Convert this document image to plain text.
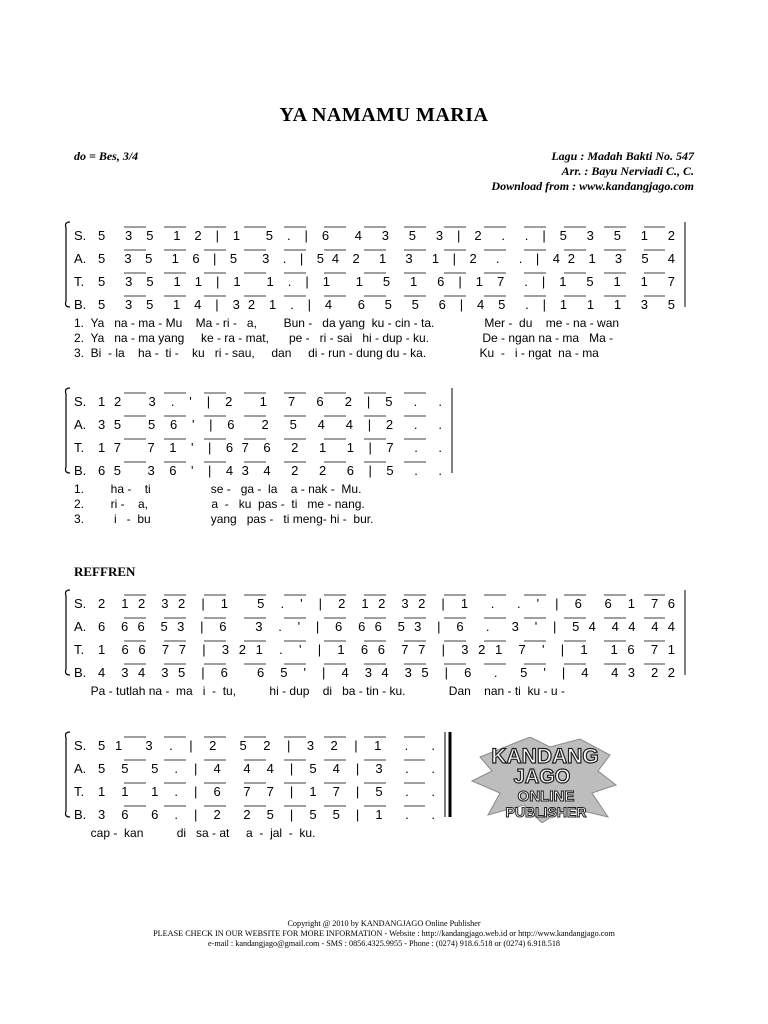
YA NAMAMU MARIA
do = Bes, 3/4	Lagu : Madah Bakti No. 547
Arr. : Bayu Nerviadi C., C.
Download from : www.kandangjago.com
REFFREN
S. 5   3  5   1  2  |  1    5  .  |  6    4   3   5   3  |  2   .   .  |  5   3   5   1   2
A. 5   3  5   1  6  |  5    3  .  |  5 4  2   1   3   1  |  2   .   .  |  4 2  1   3   5   4
T. 5   3  5   1  1  |  1    1  .  |  1    1   5   1   6  |  1  7   .  |  1   5   1   1   7
B. 5   3  5   1  4  |  3 2  1  .  |  4    6   5   5   6  |  4  5   .  |  1   1   1   3   5
1.  Ya   na - ma - Mu    Ma - ri -   a,        Bun -   da yang  ku - cin - ta.               Mer -  du    me - na - wan
2.  Ya   na - ma yang     ke - ra - mat,      pe -   ri - sai   hi - dup - ku.                De - ngan na - ma   Ma -
3.  Bi  - la    ha -  ti -    ku   ri - sau,     dan     di - run - dung du - ka.                Ku  -   i - ngat  na - ma
S. 1 2    3  .  '  |  2    1   7   6   2  |  5   .   .
A. 3 5    5  6  '  |  6    2   5   4   4  |  2   .   .
T. 1 7    7  1  '  |  6 7  6   2   1   1  |  7   .   .
B. 6 5    3  6  '  |  4 3  4   2   2   6  |  5   .   .
1.        ha -    ti                  se -   ga -  la    a - nak -  Mu.
2.        ri -    a,                   a  -   ku  pas -  ti   me - nang.
3.         i   -  bu                  yang   pas -   ti meng- hi -  bur.
S. 2  1 2  3 2  |  1    5  .  '  |  2  1 2  3 2  |  1   .   .  '  |  6   6  1  7 6
A. 6  6 6  5 3  |  6    3  .  '  |  6  6 6  5 3  |  6   .   3  '  |  5 4  4 4  4 4
T. 1  6 6  7 7  |  3 2 1  .  '  |  1  6 6  7 7  |  3 2 1  7  '  |  1   1 6  7 1
B. 4  3 4  3 5  |  6    6  5  '  |  4  3 4  3 5  |  6   .   5  '  |  4   4 3  2 2
Pa - tutlah na -  ma   i  -  tu,          hi - dup    di   ba - tin - ku.             Dan    nan - ti  ku - u -
S. 5 1   3  .  |  2   5  2  |  3  2  |  1   .   .
A. 5  5   5  .  |  4   4  4  |  5  4  |  3   .   .
T. 1  1   1  .  |  6   7  7  |  1  7  |  5   .   .
B. 3  6   6  .  |  2   2  5  |  5  5  |  1   .   .
cap -  kan          di   sa - at     a  -  jal  -  ku.
KANDANG
JAGO
ONLINE
PUBLISHER
Copyright @ 2010 by KANDANGJAGO Online Publisher
PLEASE CHECK IN OUR WEBSITE FOR MORE INFORMATION - Website : http://kandangjago.web.id or http://www.kandangjago.com
e-mail : kandangjago@gmail.com - SMS : 0856.4325.9955 - Phone : (0274) 918.6.518 or (0274) 6.918.518
